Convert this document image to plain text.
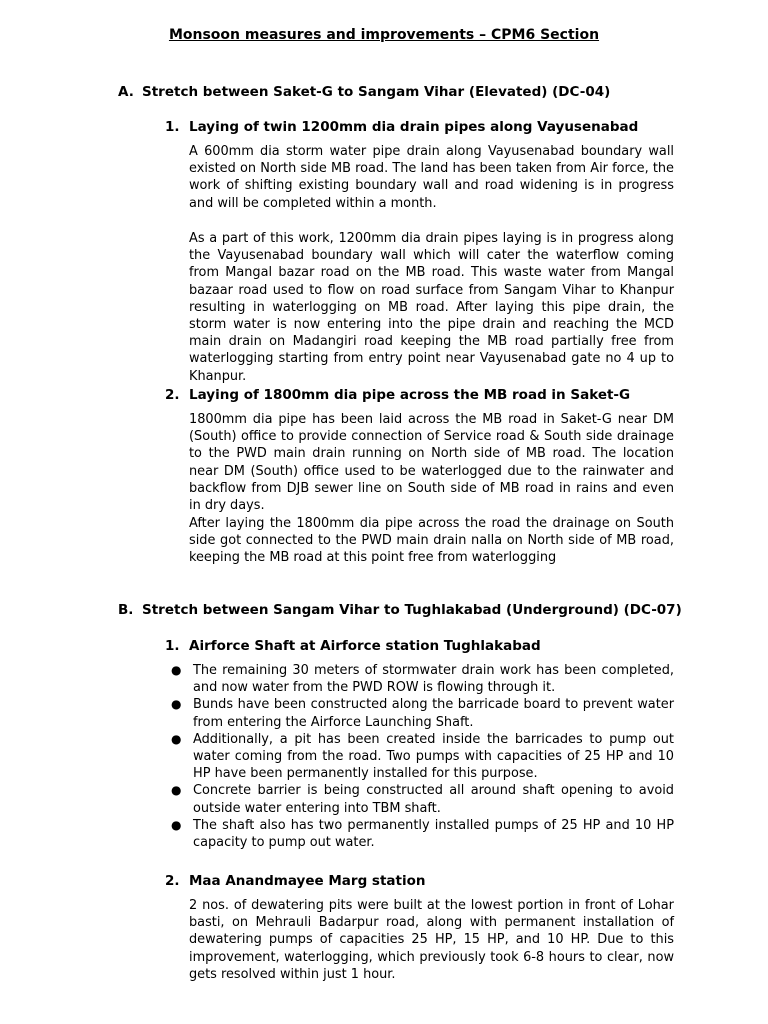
Monsoon measures and improvements – CPM6 Section
A. Stretch between Saket-G to Sangam Vihar (Elevated) (DC-04)
1. Laying of twin 1200mm dia drain pipes along Vayusenabad

A 600mm dia storm water pipe drain along Vayusenabad boundary wall existed on North side MB road. The land has been taken from Air force, the work of shifting existing boundary wall and road widening is in progress and will be completed within a month.

As a part of this work, 1200mm dia drain pipes laying is in progress along the Vayusenabad boundary wall which will cater the waterflow coming from Mangal bazar road on the MB road. This waste water from Mangal bazaar road used to flow on road surface from Sangam Vihar to Khanpur resulting in waterlogging on MB road. After laying this pipe drain, the storm water is now entering into the pipe drain and reaching the MCD main drain on Madangiri road keeping the MB road partially free from waterlogging starting from entry point near Vayusenabad gate no 4 up to Khanpur.

2. Laying of 1800mm dia pipe across the MB road in Saket-G

1800mm dia pipe has been laid across the MB road in Saket-G near DM (South) office to provide connection of Service road & South side drainage to the PWD main drain running on North side of MB road. The location near DM (South) office used to be waterlogged due to the rainwater and backflow from DJB sewer line on South side of MB road in rains and even in dry days.

After laying the 1800mm dia pipe across the road the drainage on South side got connected to the PWD main drain nalla on North side of MB road, keeping the MB road at this point free from waterlogging

B. Stretch between Sangam Vihar to Tughlakabad (Underground) (DC-07)
1. Airforce Shaft at Airforce station Tughlakabad
● The remaining 30 meters of stormwater drain work has been completed, and now water from the PWD ROW is flowing through it.
● Bunds have been constructed along the barricade board to prevent water from entering the Airforce Launching Shaft.
● Additionally, a pit has been created inside the barricades to pump out water coming from the road. Two pumps with capacities of 25 HP and 10 HP have been permanently installed for this purpose.
● Concrete barrier is being constructed all around shaft opening to avoid outside water entering into TBM shaft.
● The shaft also has two permanently installed pumps of 25 HP and 10 HP capacity to pump out water.
2. Maa Anandmayee Marg station

2 nos. of dewatering pits were built at the lowest portion in front of Lohar basti, on Mehrauli Badarpur road, along with permanent installation of dewatering pumps of capacities 25 HP, 15 HP, and 10 HP. Due to this improvement, waterlogging, which previously took 6-8 hours to clear, now gets resolved within just 1 hour.
